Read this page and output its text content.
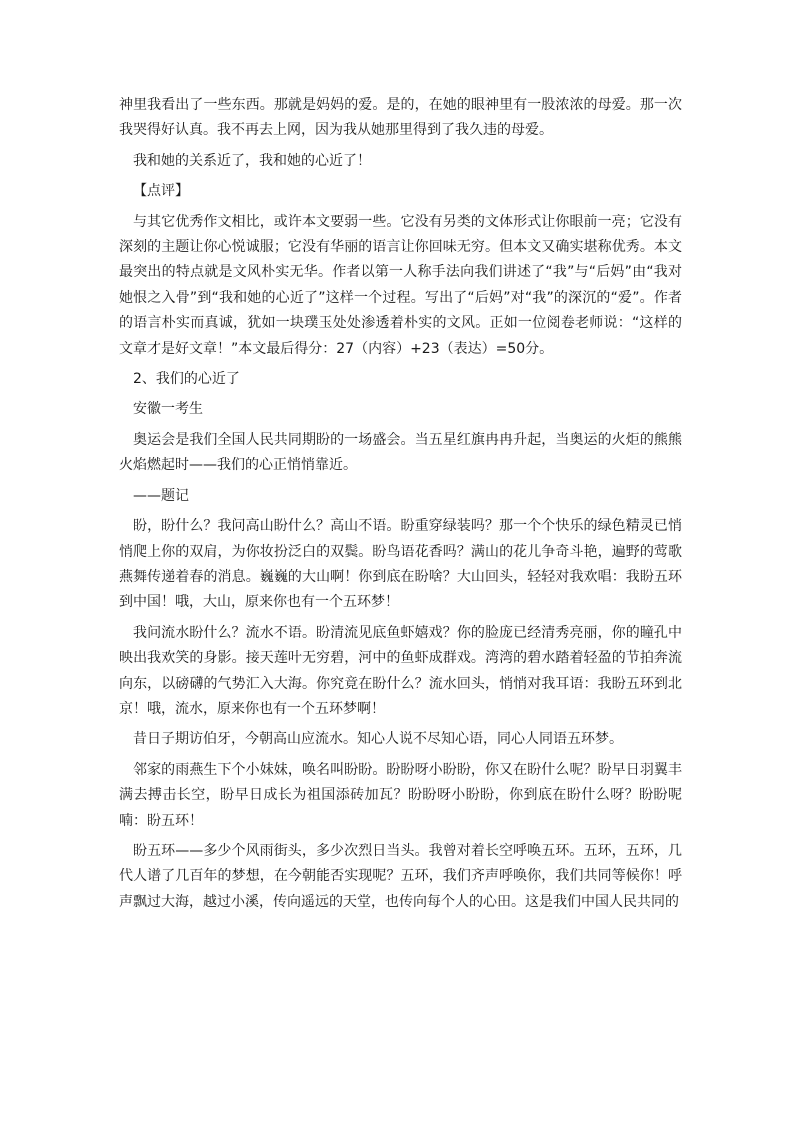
神里我看出了一些东西。那就是妈妈的爱。是的，在她的眼神里有一股浓浓的母爱。那一次我哭得好认真。我不再去上网，因为我从她那里得到了我久违的母爱。

我和她的关系近了，我和她的心近了！

【点评】

与其它优秀作文相比，或许本文要弱一些。它没有另类的文体形式让你眼前一亮；它没有深刻的主题让你心悦诚服；它没有华丽的语言让你回味无穷。但本文又确实堪称优秀。本文最突出的特点就是文风朴实无华。作者以第一人称手法向我们讲述了“我”与“后妈”由“我对她恨之入骨”到“我和她的心近了”这样一个过程。写出了“后妈”对“我”的深沉的“爱”。作者的语言朴实而真诚，犹如一块璞玉处处渗透着朴实的文风。正如一位阅卷老师说：“这样的文章才是好文章！”本文最后得分：27（内容）+23（表达）=50分。

2、我们的心近了

安徽一考生

奥运会是我们全国人民共同期盼的一场盛会。当五星红旗冉冉升起，当奥运的火炬的熊熊火焰燃起时——我们的心正悄悄靠近。

——题记

盼，盼什么？我问高山盼什么？高山不语。盼重穿绿装吗？那一个个快乐的绿色精灵已悄悄爬上你的双肩，为你妆扮泛白的双鬓。盼鸟语花香吗？满山的花儿争奇斗艳，遍野的莺歌燕舞传递着春的消息。巍巍的大山啊！你到底在盼啥？大山回头，轻轻对我欢唱：我盼五环到中国！哦，大山，原来你也有一个五环梦！

我问流水盼什么？流水不语。盼清流见底鱼虾嬉戏？你的脸庞已经清秀亮丽，你的瞳孔中映出我欢笑的身影。接天莲叶无穷碧，河中的鱼虾成群戏。湾湾的碧水踏着轻盈的节拍奔流向东，以磅礴的气势汇入大海。你究竟在盼什么？流水回头，悄悄对我耳语：我盼五环到北京！哦，流水，原来你也有一个五环梦啊！

昔日子期访伯牙，今朝高山应流水。知心人说不尽知心语，同心人同语五环梦。

邻家的雨燕生下个小妹妹，唤名叫盼盼。盼盼呀小盼盼，你又在盼什么呢？盼早日羽翼丰满去搏击长空，盼早日成长为祖国添砖加瓦？盼盼呀小盼盼，你到底在盼什么呀？盼盼呢喃：盼五环！

盼五环——多少个风雨街头，多少次烈日当头。我曾对着长空呼唤五环。五环，五环，几代人谱了几百年的梦想，在今朝能否实现呢？五环，我们齐声呼唤你，我们共同等候你！呼声飘过大海，越过小溪，传向遥远的天堂，也传向每个人的心田。这是我们中国人民共同的
